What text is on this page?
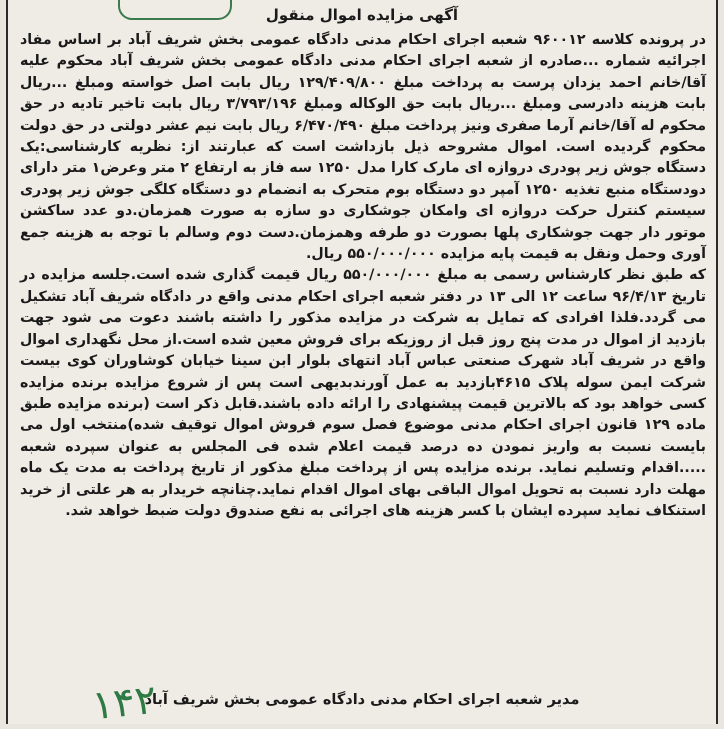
آگهی مزایده اموال منقول

در پرونده کلاسه ۹۶۰۰۱۲ شعبه اجرای احکام مدنی دادگاه عمومی بخش شریف آباد بر اساس مفاد اجرائیه شماره ...صادره از شعبه اجرای احکام مدنی دادگاه عمومی بخش شریف آباد محکوم علیه آقا/خانم احمد یزدان پرست به پرداخت مبلغ ۱۲۹/۴۰۹/۸۰۰ ریال بابت اصل خواسته ومبلغ ...ریال بابت هزینه دادرسی ومبلغ ...ریال بابت حق الوکاله ومبلغ ۳/۷۹۳/۱۹۶ ریال بابت تاخیر تادیه در حق محکوم له آقا/خانم آرما صفری ونیز پرداخت مبلغ ۶/۴۷۰/۴۹۰ ریال بابت نیم عشر دولتی در حق دولت محکوم گردیده است. اموال مشروحه ذیل بازداشت است که عبارتند از: نظریه کارشناسی:یک دستگاه جوش زیر پودری دروازه ای مارک کارا مدل ۱۲۵۰ سه فاز به ارتفاع ۲ متر وعرض۱ متر دارای دودستگاه منبع تغذیه ۱۲۵۰ آمپر دو دستگاه بوم متحرک به انضمام دو دستگاه کلگی جوش زیر پودری سیستم کنترل حرکت دروازه ای وامکان جوشکاری دو سازه به صورت همزمان.دو عدد ساکشن موتور دار جهت جوشکاری پلها بصورت دو طرفه وهمزمان.دست دوم وسالم با توجه به هزینه جمع آوری وحمل ونقل به قیمت پایه مزایده ۵۵۰/۰۰۰/۰۰۰ ریال.

که طبق نظر کارشناس رسمی به مبلغ ۵۵۰/۰۰۰/۰۰۰ ریال قیمت گذاری شده است.جلسه مزایده در تاریخ ۹۶/۴/۱۳ ساعت ۱۲ الی ۱۳ در دفتر شعبه اجرای احکام مدنی واقع در دادگاه شریف آباد تشکیل می گردد.فلذا افرادی که تمایل به شرکت در مزایده مذکور را داشته باشند دعوت می شود جهت بازدید از اموال در مدت پنج روز قبل از روزیکه برای فروش معین شده است.از محل نگهداری اموال واقع در شریف آباد شهرک صنعتی عباس آباد انتهای بلوار ابن سینا خیابان کوشاوران کوی بیست شرکت ایمن سوله پلاک ۴۶۱۵بازدید به عمل آورندبدیهی است پس از شروع مزایده برنده مزایده کسی خواهد بود که بالاترین قیمت پیشنهادی را ارائه داده باشند.قابل ذکر است (برنده مزایده طبق ماده ۱۲۹ قانون اجرای احکام مدنی موضوع فصل سوم فروش اموال توقیف شده)منتخب اول می بایست نسبت به واریز نمودن ده درصد قیمت اعلام شده فی المجلس به عنوان سپرده شعبه .....اقدام وتسلیم نماید. برنده مزایده پس از پرداخت مبلغ مذکور از تاریخ پرداخت به مدت یک ماه مهلت دارد نسبت به تحویل اموال الباقی بهای اموال اقدام نماید.چنانچه خریدار به هر علتی از خرید استنکاف نماید سپرده ایشان با کسر هزینه های اجرائی به نفع صندوق دولت ضبط خواهد شد.

مدیر شعبه اجرای احکام مدنی دادگاه عمومی بخش شریف آباد
۱۴۲
